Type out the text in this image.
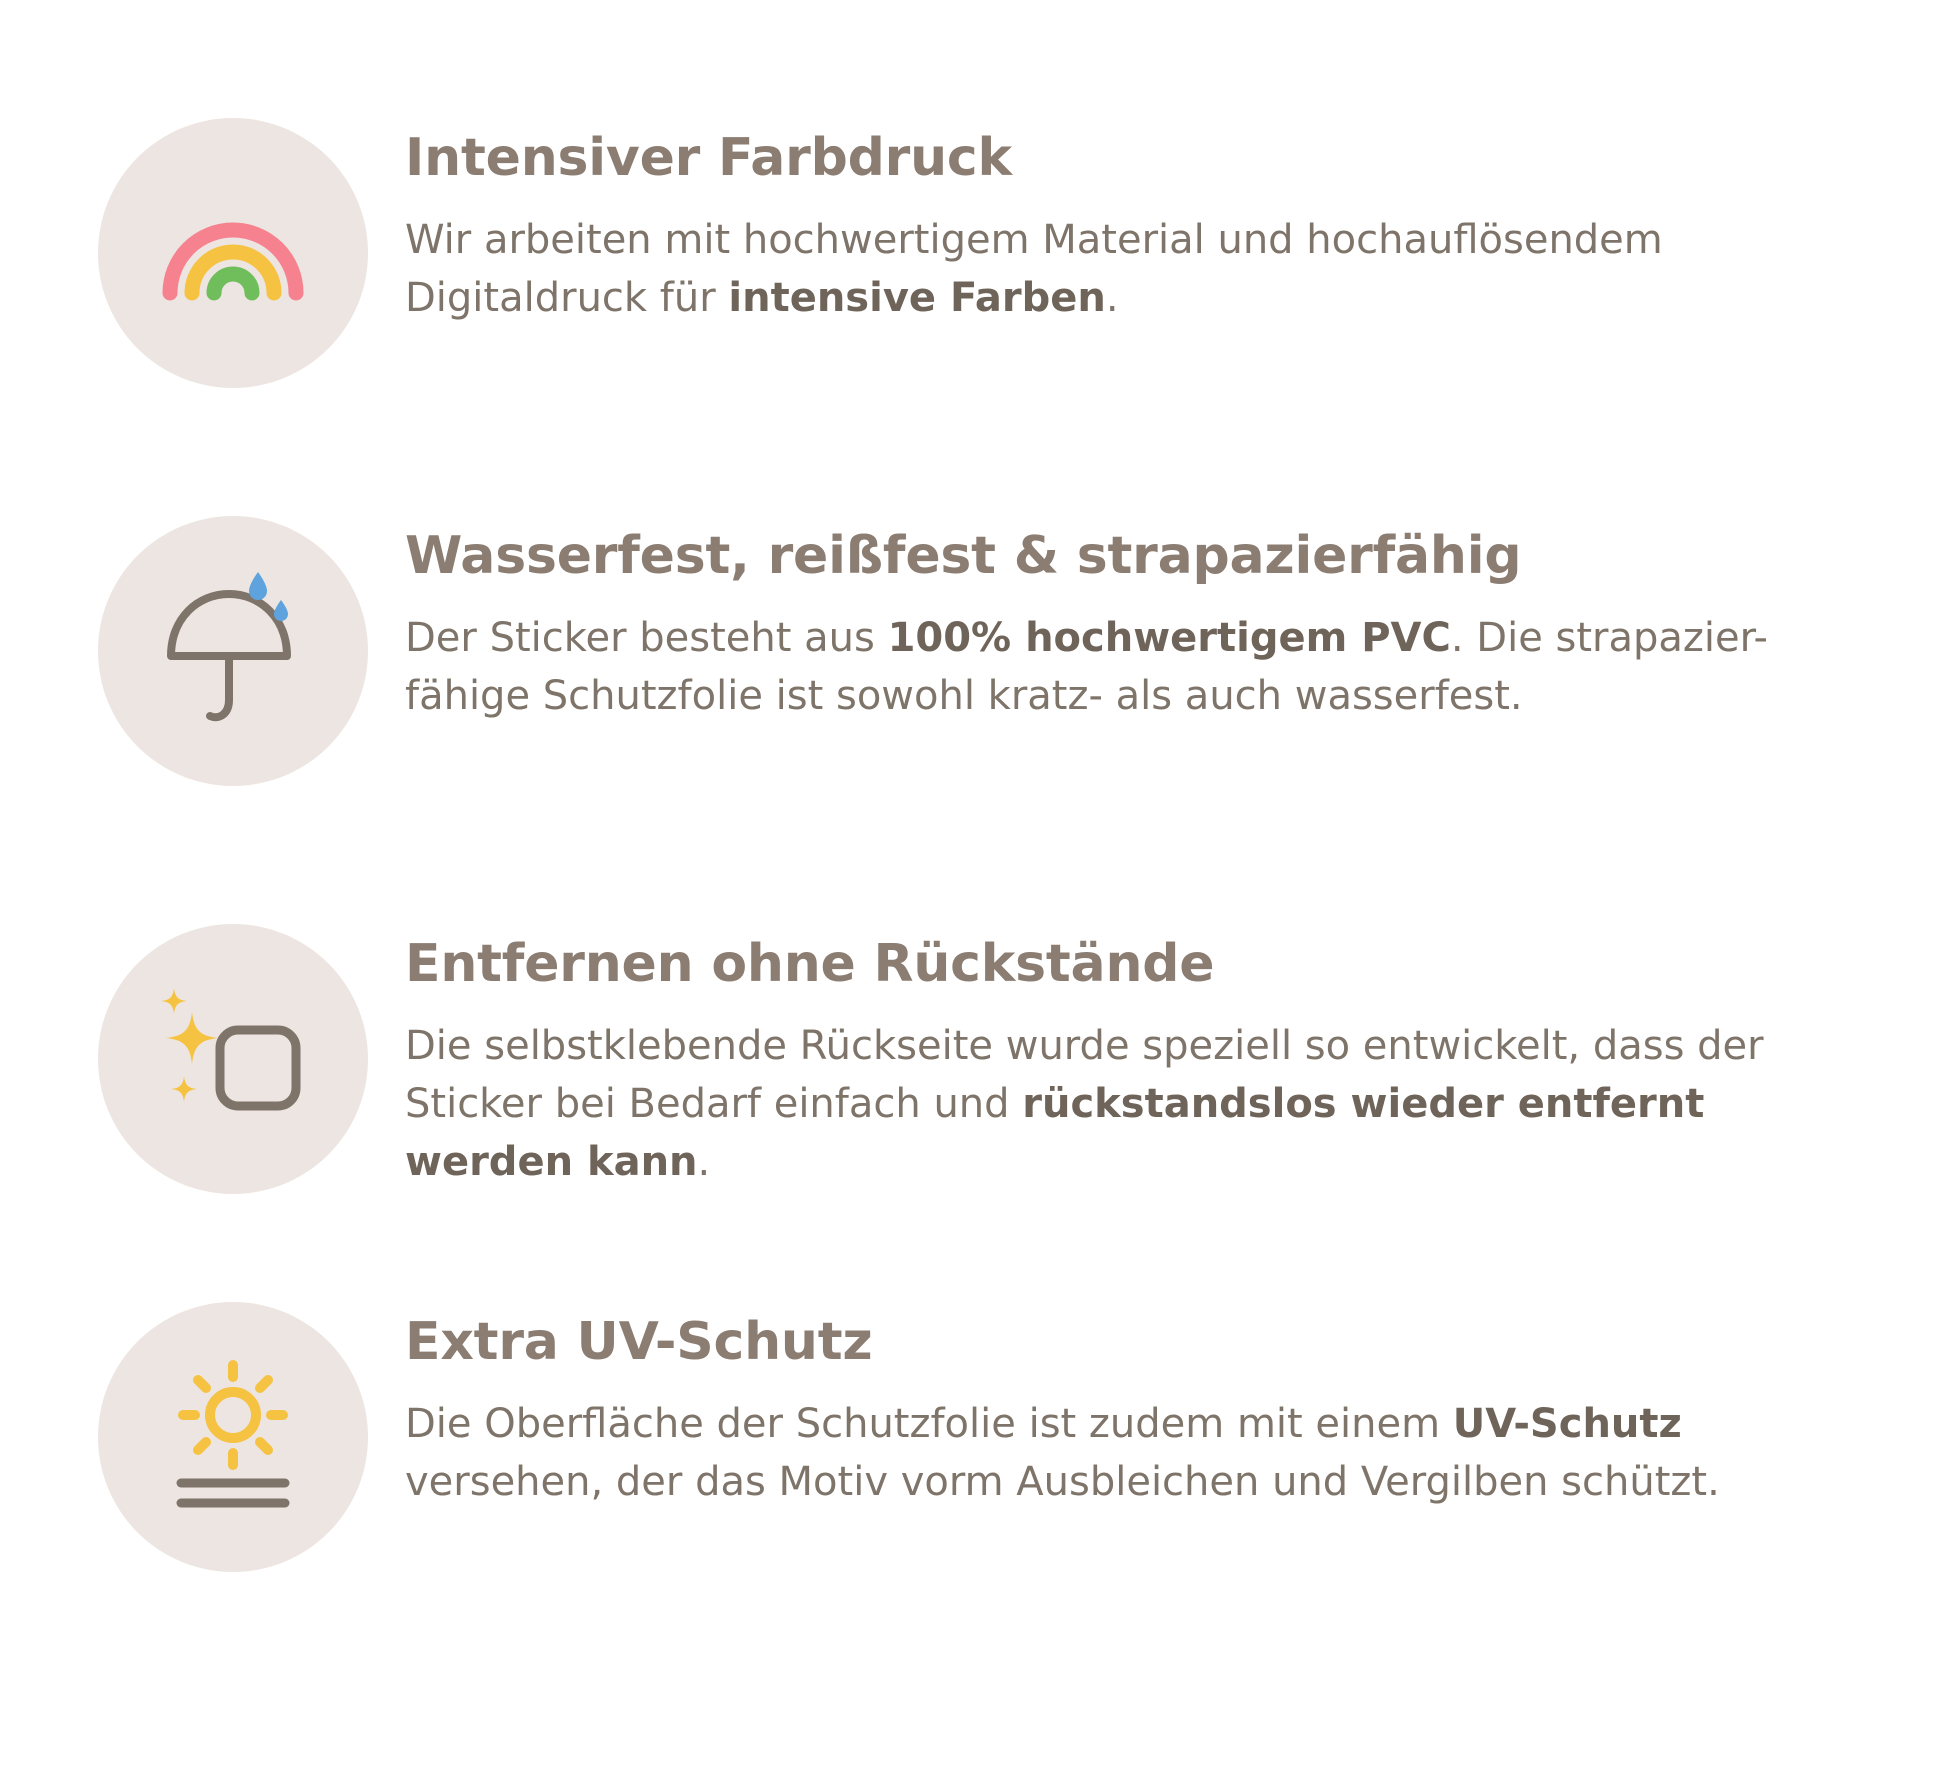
Intensiver Farbdruck

Wir arbeiten mit hochwertigem Material und hochauflösendem Digitaldruck für intensive Farben.

Wasserfest, reißfest & strapazierfähig

Der Sticker besteht aus 100% hochwertigem PVC. Die strapazier-fähige Schutzfolie ist sowohl kratz- als auch wasserfest.

Entfernen ohne Rückstände

Die selbstklebende Rückseite wurde speziell so entwickelt, dass der Sticker bei Bedarf einfach und rückstandslos wieder entfernt werden kann.

Extra UV-Schutz

Die Oberfläche der Schutzfolie ist zudem mit einem UV-Schutz versehen, der das Motiv vorm Ausbleichen und Vergilben schützt.
